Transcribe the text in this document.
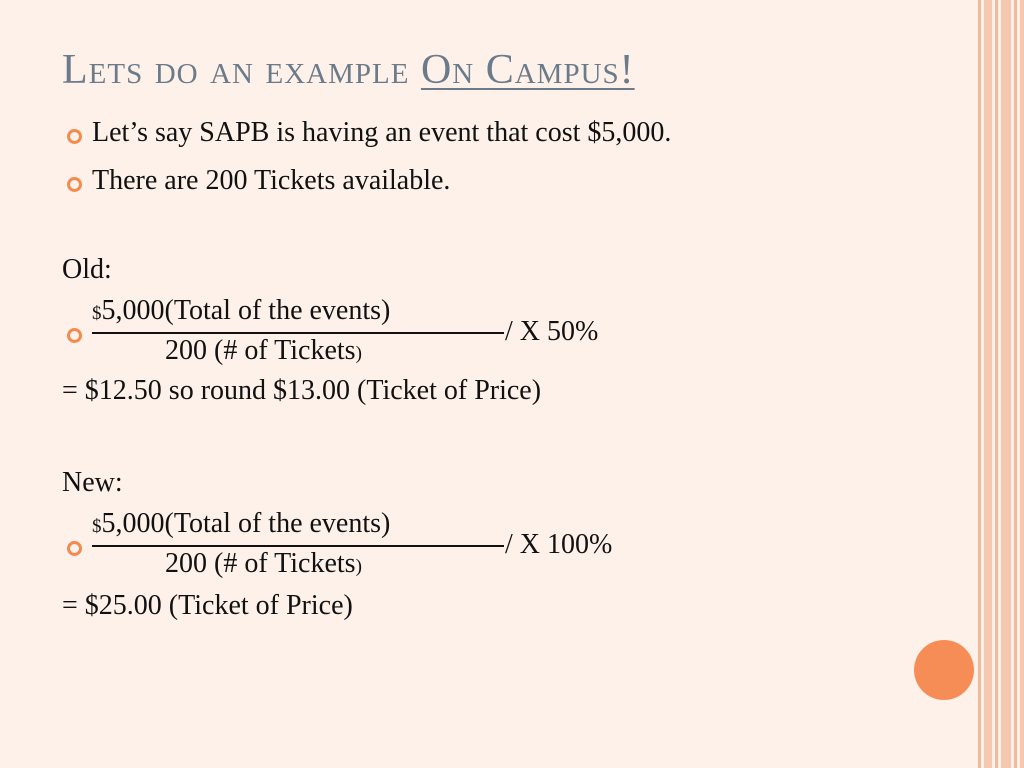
Lets do an example On Campus!
Let’s say SAPB is having an event that cost $5,000.
There are 200 Tickets available.
Old:
$5,000(Total of the events)
/ X 50%
200 (# of Tickets)
= $12.50 so round $13.00 (Ticket of Price)
New:
$5,000(Total of the events)
/ X 100%
200 (# of Tickets)
= $25.00 (Ticket of Price)
